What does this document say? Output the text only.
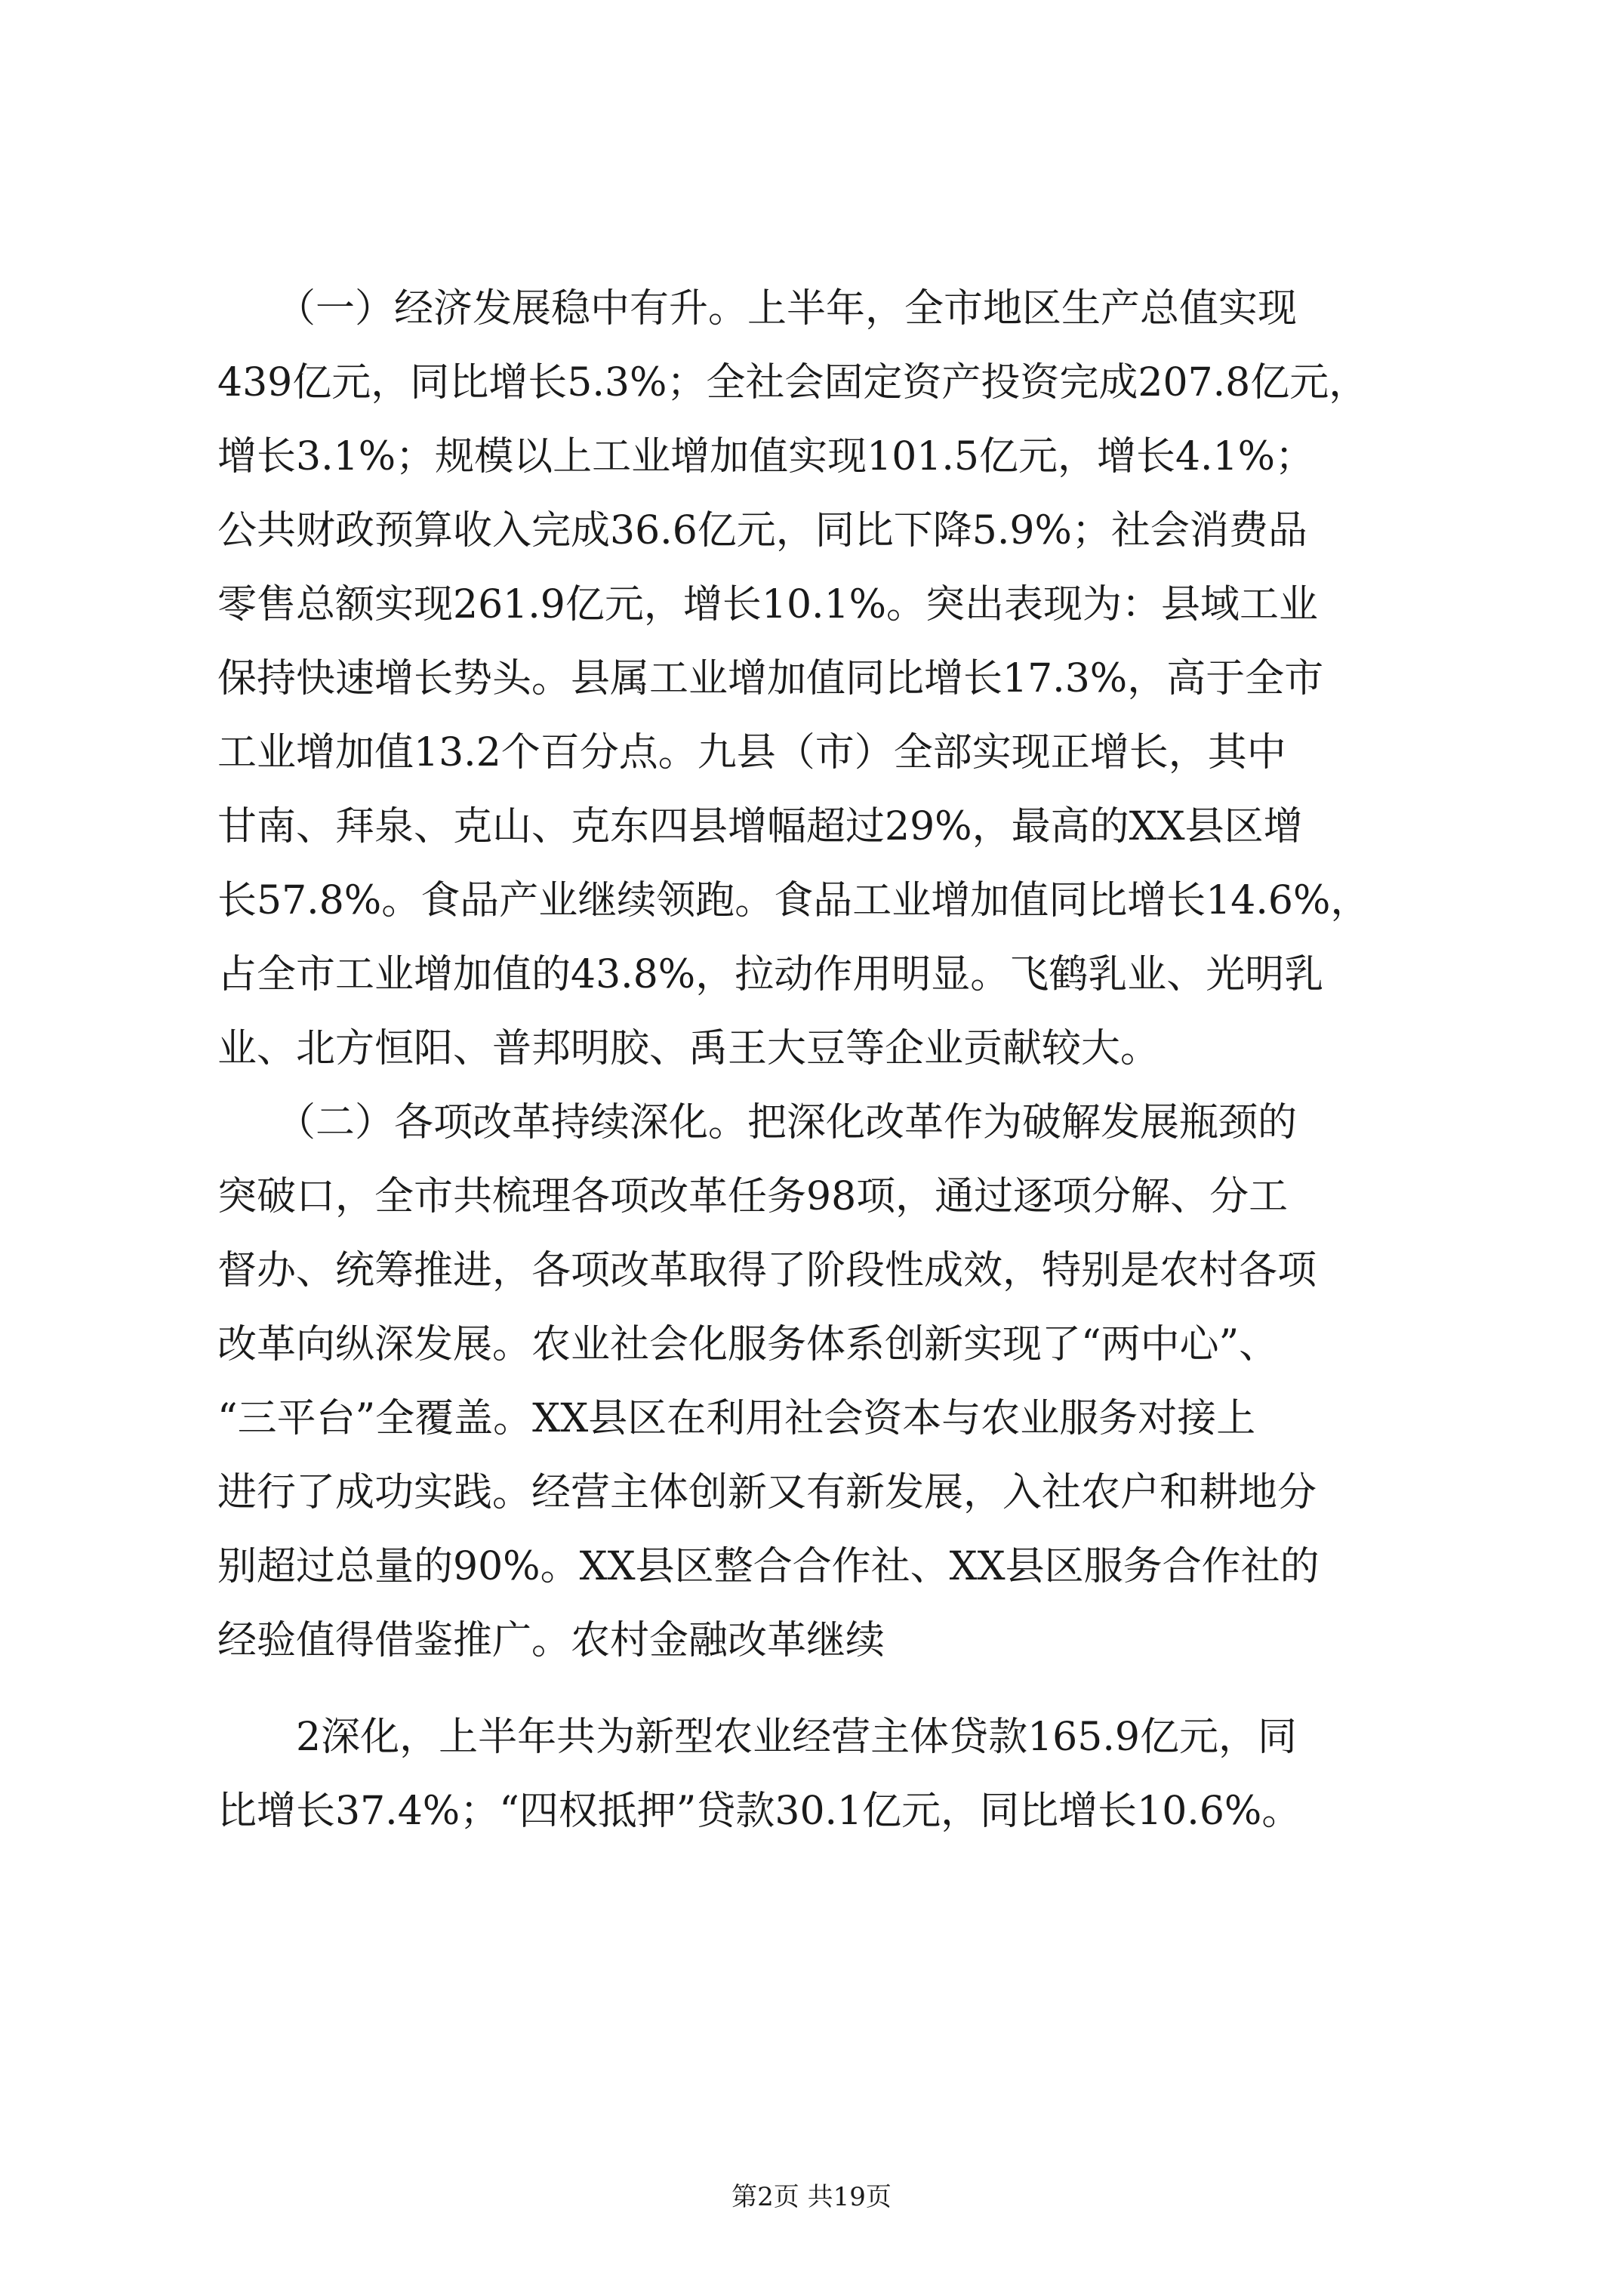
　　（一）经济发展稳中有升。上半年，全市地区生产总值实现
439亿元，同比增长5.3%；全社会固定资产投资完成207.8亿元，
增长3.1%；规模以上工业增加值实现101.5亿元，增长4.1%；
公共财政预算收入完成36.6亿元，同比下降5.9%；社会消费品
零售总额实现261.9亿元，增长10.1%。突出表现为：县域工业
保持快速增长势头。县属工业增加值同比增长17.3%，高于全市
工业增加值13.2个百分点。九县（市）全部实现正增长，其中
甘南、拜泉、克山、克东四县增幅超过29%，最高的XX县区增
长57.8%。食品产业继续领跑。食品工业增加值同比增长14.6%，
占全市工业增加值的43.8%，拉动作用明显。飞鹤乳业、光明乳
业、北方恒阳、普邦明胶、禹王大豆等企业贡献较大。
　　（二）各项改革持续深化。把深化改革作为破解发展瓶颈的
突破口，全市共梳理各项改革任务98项，通过逐项分解、分工
督办、统筹推进，各项改革取得了阶段性成效，特别是农村各项
改革向纵深发展。农业社会化服务体系创新实现了“两中心”、
“三平台”全覆盖。XX县区在利用社会资本与农业服务对接上
进行了成功实践。经营主体创新又有新发展，入社农户和耕地分
别超过总量的90%。XX县区整合合作社、XX县区服务合作社的
经验值得借鉴推广。农村金融改革继续
　　2深化，上半年共为新型农业经营主体贷款165.9亿元，同
比增长37.4%；“四权抵押”贷款30.1亿元，同比增长10.6%。
第2页 共19页
